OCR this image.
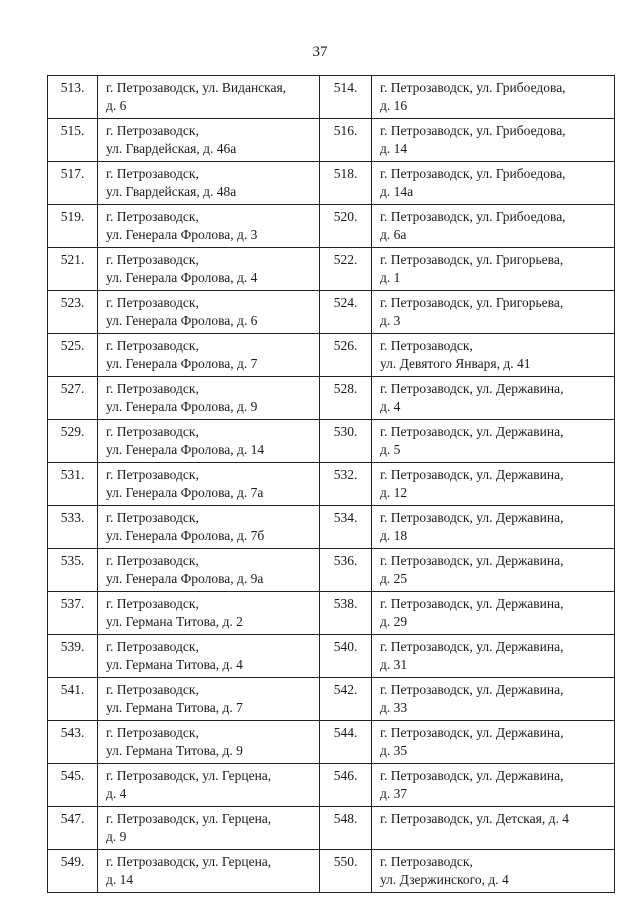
37
513.	г. Петрозаводск, ул. Виданская,
д. 6	514.	г. Петрозаводск, ул. Грибоедова,
д. 16

515.	г. Петрозаводск,
ул. Гвардейская, д. 46а	516.	г. Петрозаводск, ул. Грибоедова,
д. 14

517.	г. Петрозаводск,
ул. Гвардейская, д. 48а	518.	г. Петрозаводск, ул. Грибоедова,
д. 14а

519.	г. Петрозаводск,
ул. Генерала Фролова, д. 3	520.	г. Петрозаводск, ул. Грибоедова,
д. 6а

521.	г. Петрозаводск,
ул. Генерала Фролова, д. 4	522.	г. Петрозаводск, ул. Григорьева,
д. 1

523.	г. Петрозаводск,
ул. Генерала Фролова, д. 6	524.	г. Петрозаводск, ул. Григорьева,
д. 3

525.	г. Петрозаводск,
ул. Генерала Фролова, д. 7	526.	г. Петрозаводск,
ул. Девятого Января, д. 41

527.	г. Петрозаводск,
ул. Генерала Фролова, д. 9	528.	г. Петрозаводск, ул. Державина,
д. 4

529.	г. Петрозаводск,
ул. Генерала Фролова, д. 14	530.	г. Петрозаводск, ул. Державина,
д. 5

531.	г. Петрозаводск,
ул. Генерала Фролова, д. 7а	532.	г. Петрозаводск, ул. Державина,
д. 12

533.	г. Петрозаводск,
ул. Генерала Фролова, д. 7б	534.	г. Петрозаводск, ул. Державина,
д. 18

535.	г. Петрозаводск,
ул. Генерала Фролова, д. 9а	536.	г. Петрозаводск, ул. Державина,
д. 25

537.	г. Петрозаводск,
ул. Германа Титова, д. 2	538.	г. Петрозаводск, ул. Державина,
д. 29

539.	г. Петрозаводск,
ул. Германа Титова, д. 4	540.	г. Петрозаводск, ул. Державина,
д. 31

541.	г. Петрозаводск,
ул. Германа Титова, д. 7	542.	г. Петрозаводск, ул. Державина,
д. 33

543.	г. Петрозаводск,
ул. Германа Титова, д. 9	544.	г. Петрозаводск, ул. Державина,
д. 35

545.	г. Петрозаводск, ул. Герцена,
д. 4	546.	г. Петрозаводск, ул. Державина,
д. 37

547.	г. Петрозаводск, ул. Герцена,
д. 9	548.	г. Петрозаводск, ул. Детская, д. 4

549.	г. Петрозаводск, ул. Герцена,
д. 14	550.	г. Петрозаводск,
ул. Дзержинского, д. 4
